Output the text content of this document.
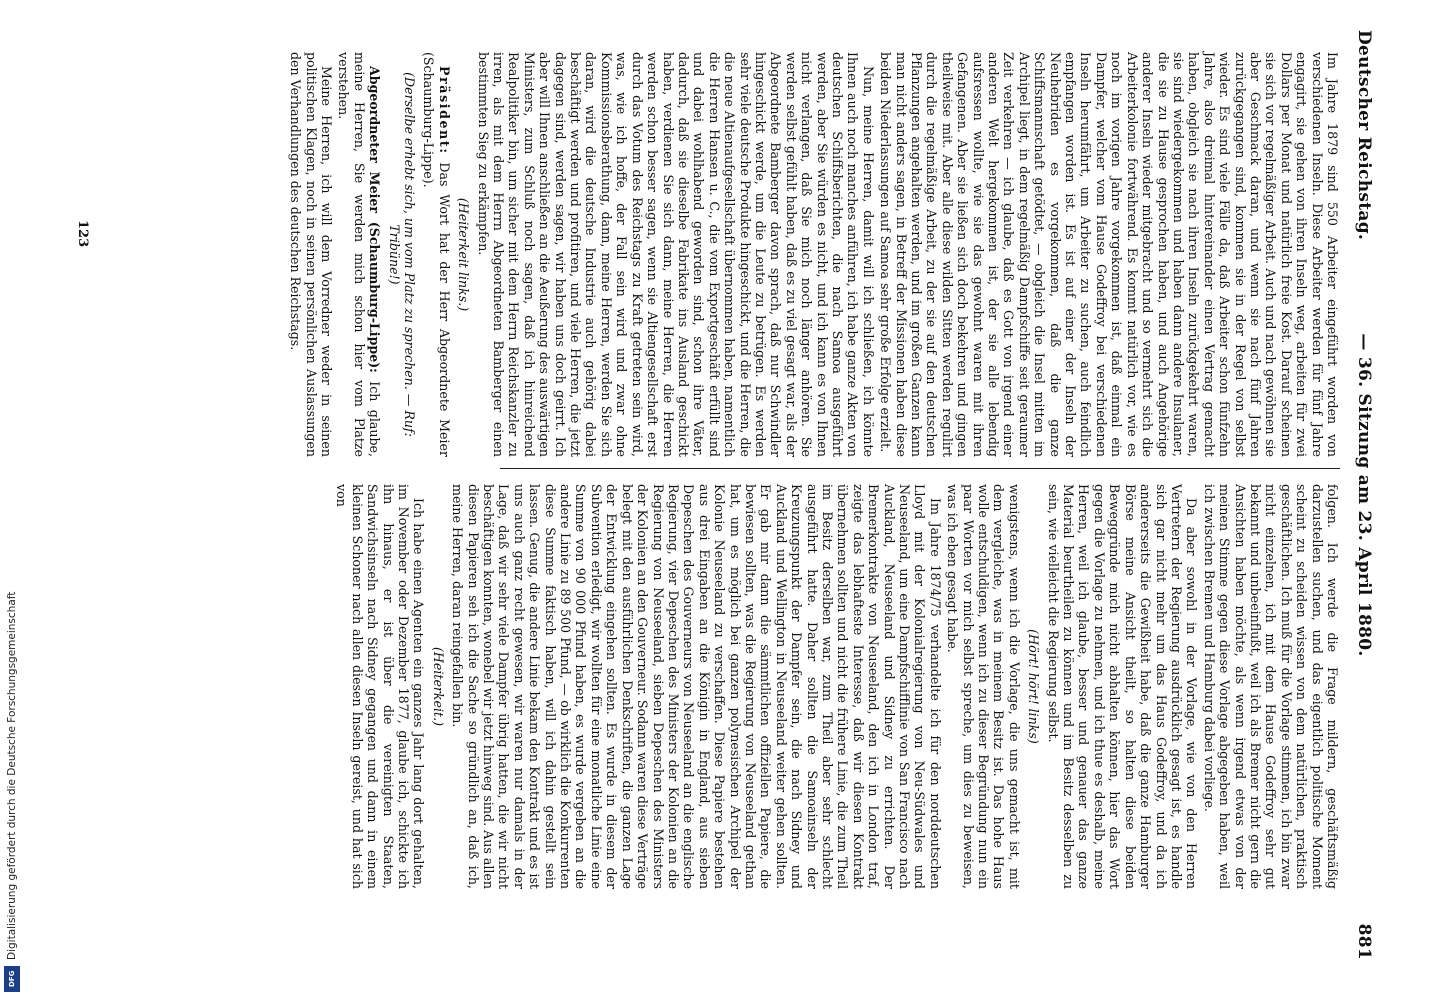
Deutscher Reichstag.
— 36. Sitzung am 23. April 1880.
881

Im Jahre 1879 sind 550 Arbeiter eingeführt worden von verschiedenen Inseln. Diese Arbeiter werden für fünf Jahre engagirt, sie gehen von ihren Inseln weg, arbeiten für zwei Dollars per Monat und natürlich freie Kost. Darauf scheinen sie sich vor regelmäßiger Arbeit. Auch und nach gewöhnen sie aber Geschmack daran, und wenn sie nach fünf Jahren zurückgegangen sind, kommen sie in der Regel von selbst wieder. Es sind viele Fälle da, daß Arbeiter schon fünfzehn Jahre, also dreimal hintereinander einen Vertrag gemacht haben, obgleich sie nach ihren Inseln zurückgekehrt waren, sie sind wiedergekommen und haben dann andere Insulaner, die sie zu Hause gesprochen haben, und auch Angehörige anderer Inseln wieder mitgebracht und so vermehrt sich die Arbeiterkolonie fortwährend. Es kommt natürlich vor, wie es noch im vorigen Jahre vorgekommen ist, daß einmal ein Dampfer, welcher vom Hause Godeffroy bei verschiedenen Inseln herumfährt, um Arbeiter zu suchen, auch feindlich empfangen worden ist. Es ist auf einer der Inseln der Neuhebriden es vorgekommen, daß die ganze Schiffsmannschaft getödtet, — obgleich die Insel mitten im Archipel liegt, in dem regelmäßig Dampfschiffe seit geraumer Zeit verkehren — ich glaube, daß es Gott von irgend einer anderen Welt hergekommen ist, der sie alle lebendig aufsressen wollte, wie sie das gewohnt waren mit ihren Gefangenen. Aber sie ließen sich doch bekehren und gingen theilweise mit. Aber alle diese wilden Sitten werden regulirt durch die regelmäßige Arbeit, zu der sie auf den deutschen Pflanzungen angehalten werden, und im großen Ganzen kann man nicht anders sagen, in Betreff der Missionen haben diese beiden Niederlassungen auf Samoa sehr große Erfolge erzielt.

Nun, meine Herren, damit will ich schließen, ich könnte Ihnen auch noch manches anführen, ich habe ganze Akten von deutschen Schiffsberichten, die nach Samoa ausgeführt werden, aber Sie würden es nicht, und ich kann es von Ihnen nicht verlangen, daß Sie mich noch länger anhören. Sie werden selbst gefühlt haben, daß es zu viel gesagt war, als der Abgeordnete Bamberger davon sprach, daß nur Schwindler hingeschickt werde, um die Leute zu betrügen. Es werden sehr viele deutsche Produkte hingeschickt, und die Herren, die die neue Altienaufgesellschaft übernommen haben, namentlich die Herren Hansen u. C., die vom Exportgeschäft erfüllt sind und dabei wohlhabend geworden sind, schon ihre Väter, dadurch, daß sie dieselbe Fabrikate ins Ausland geschickt haben, verdienen Sie sich dann, meine Herren, die Herren werden schon besser sagen, wenn sie Altiengesellschaft erst durch das Votum des Reichstags zu Kraft getreten sein wird, was, wie ich hoffe, der Fall sein wird und zwar ohne Kommissionsberathung, dann, meine Herren, werden Sie sich daran, wird die deutsche Industrie auch gehörig dabei beschäftigt werden und profitiren, und viele Herren, die jetzt dagegen sind, werden sagen, wir haben uns doch geirrt. Ich aber will Ihnen anschließen an die Aeußerung des auswärtigen Ministers, zum Schluß noch sagen, daß ich hinreichend Realpolitiker bin, um sicher mit dem Herrn Reichskanzler zu irren, als mit dem Herrn Abgeordneten Bamberger einen bestimmten Sieg zu erkämpfen.

(Heiterkeit links.)

Präsident: Das Wort hat der Herr Abgeordnete Meier (Schaumburg-Lippe).

(Derselbe erhebt sich, um vom Platz zu sprechen. — Ruf: Tribüne!)

Abgeordneter Meier (Schaumburg-Lippe): Ich glaube, meine Herren, Sie werden mich schon hier vom Platze verstehen.

Meine Herren, ich will dem Vorredner weder in seinen politischen Klagen, noch in seinen persönlichen Auslassungen den Verhandlungen des deutschen Reichstags.

folgen. Ich werde die Frage mildern, geschäftsmäßig darzustellen suchen, und das eigentlich politische Moment scheint zu scheiden wissen von dem natürlichen, praktisch geschäftlichen. Ich muß für die Vorlage stimmen, ich bin zwar nicht einzelnen, ich mit dem Hause Godeffroy sehr gut bekannt und unbeeinflußt, weil ich als Bremer nicht gern die Ansichten haben möchte, als wenn irgend etwas von der meinen Stimme gegen diese Vorlage abgegeben haben, weil ich zwischen Bremen und Hamburg dabei vorliege.

Da aber sowohl in der Vorlage, wie von den Herren Vertretern der Regierung ausdrücklich gesagt ist, es handle sich gar nicht mehr um das Haus Godeffroy, und da ich andererseits die Gewißheit habe, daß die ganze Hamburger Börse meine Ansicht theilt, so halten diese beiden Beweggründe mich nicht abhalten können, hier das Wort gegen die Vorlage zu nehmen, und ich thue es deshalb, meine Herren, weil ich glaube, besser und genauer das ganze Material beurtheilen zu können und im Besitz desselben zu sein, wie vielleicht die Regierung selbst.

(Hört! hört! links)

wenigstens, wenn ich die Vorlage, die uns gemacht ist, mit dem vergleiche, was in meinem Besitz ist. Das hohe Haus wolle entschuldigen, wenn ich zu dieser Begründung nun ein paar Worten vor mich selbst spreche, um dies zu beweisen, was ich eben gesagt habe.

Im Jahre 1874/75 verhandelte ich für den norddeutschen Lloyd mit der Kolonialregierung von Neu-Südwales und Neuseeland, um eine Dampfschifflinie von San Francisco nach Auckland, Neuseeland und Sidney zu errichten. Der Bremerkontrakte von Neuseeland, den ich in London traf, zeigte das lebhafteste Interesse, daß wir diesen Kontrakt übernehmen sollten und nicht die frühere Linie, die zum Theil im Besitz derselben war, zum Theil aber sehr schlecht ausgeführt hatte. Daher sollten die Samoainseln der Kreuzungspunkt der Dampfer sein, die nach Sidney und Auckland und Wellington in Neuseeland weiter gehen sollten. Er gab mir dann die sämmtlichen offiziellen Papiere, die bewiesen sollten, was die Regierung von Neuseeland gethan hat, um es möglich bei ganzen polynesischen Archipel der Kolonie Neuseeland zu verschaffen. Diese Papiere bestehen aus drei Eingaben an die Königin in England, aus sieben Depeschen des Gouverneurs von Neuseeland an die englische Regierung, vier Depeschen des Ministers der Kolonien an die Regierung von Neuseeland, sieben Depeschen des Ministers der Kolonien an den Gouverneur. Sodann waren diese Verträge belegt mit den ausführlichen Denkschriften, die ganzen Lage der Entwicklung eingehen sollten. Es wurde in diesem der Subvention erledigt, wir wollten für eine monatliche Linie eine Summe von 90 000 Pfund haben, es wurde vergeben an die andere Linie zu 89 500 Pfund, — ob wirklich die Konkurrenten diese Summe faktisch haben, will ich dahin gestellt sein lassen. Genug, die andere Linie bekam den Kontrakt und es ist uns auch ganz recht gewesen, wir waren nur damals in der Lage, daß wir sehr viele Dampfer übrig hatten, die wir nicht beschäftigen konnten, wonebel wir jetzt hinweg sind. Aus allen diesen Papieren seh ich die Sache so gründlich an, daß ich, meine Herren, daran reingefallen bin.

(Heiterkeit.)

Ich habe einen Agenten ein ganzes Jahr lang dort gehalten, im November oder Dezember 1877, glaube ich, schickte ich ihn hinaus, er ist über die vereinigten Staaten, Sandwichsinseln nach Sidney gegangen und dann in einem kleinen Schoner nach allen diesen Inseln gereist, und hat sich von

123
Digitalisierung gefördert durch die Deutsche Forschungsgemeinschaft
DFG
